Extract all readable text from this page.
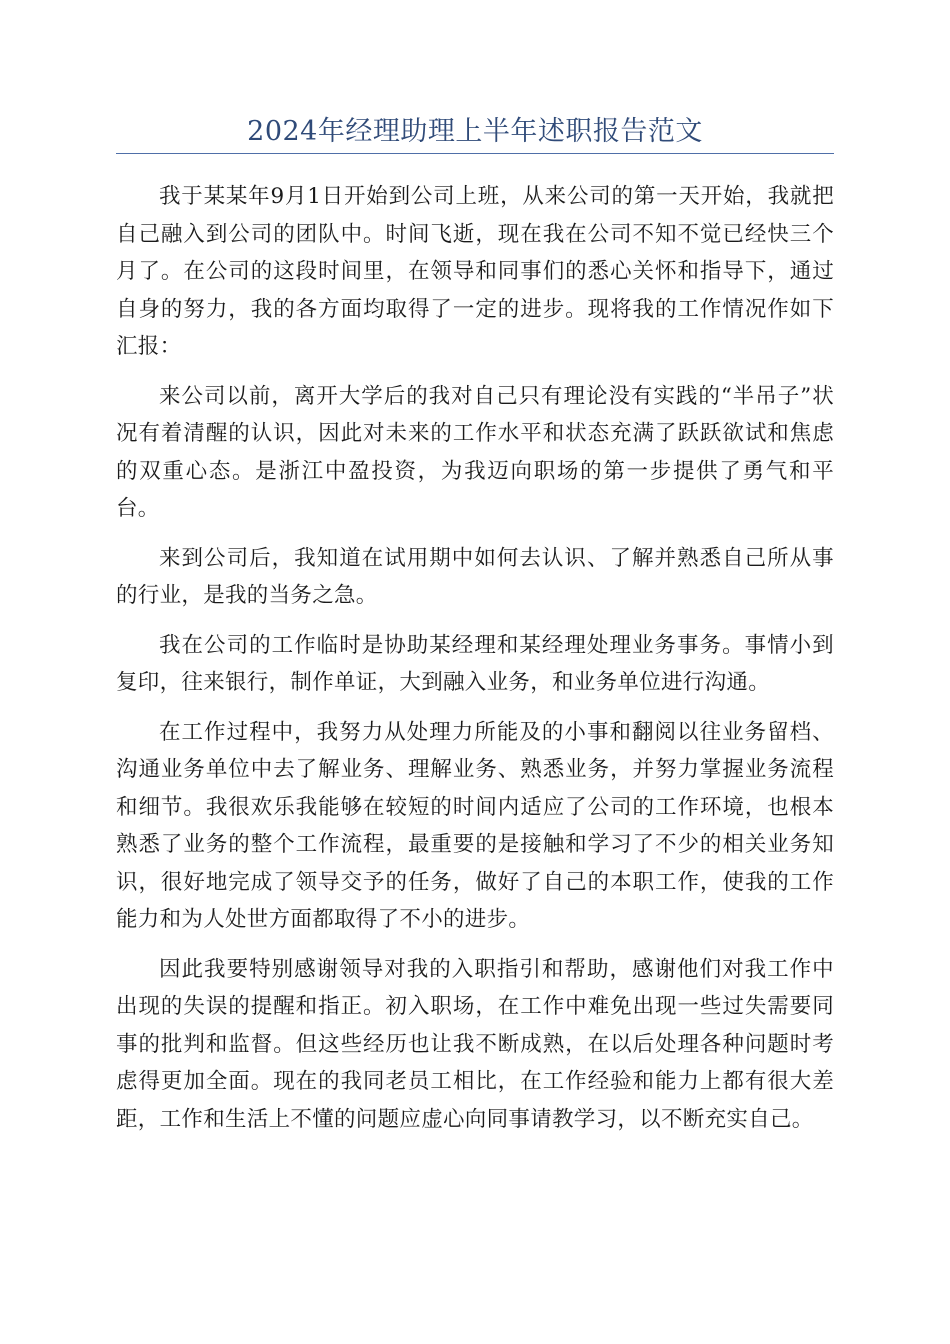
2024年经理助理上半年述职报告范文

我于某某年9月1日开始到公司上班，从来公司的第一天开始，我就把自己融入到公司的团队中。时间飞逝，现在我在公司不知不觉已经快三个月了。在公司的这段时间里，在领导和同事们的悉心关怀和指导下，通过自身的努力，我的各方面均取得了一定的进步。现将我的工作情况作如下汇报：

来公司以前，离开大学后的我对自己只有理论没有实践的“半吊子”状况有着清醒的认识，因此对未来的工作水平和状态充满了跃跃欲试和焦虑的双重心态。是浙江中盈投资，为我迈向职场的第一步提供了勇气和平台。

来到公司后，我知道在试用期中如何去认识、了解并熟悉自己所从事的行业，是我的当务之急。

我在公司的工作临时是协助某经理和某经理处理业务事务。事情小到复印，往来银行，制作单证，大到融入业务，和业务单位进行沟通。

在工作过程中，我努力从处理力所能及的小事和翻阅以往业务留档、沟通业务单位中去了解业务、理解业务、熟悉业务，并努力掌握业务流程和细节。我很欢乐我能够在较短的时间内适应了公司的工作环境，也根本熟悉了业务的整个工作流程，最重要的是接触和学习了不少的相关业务知识，很好地完成了领导交予的任务，做好了自己的本职工作，使我的工作能力和为人处世方面都取得了不小的进步。

因此我要特别感谢领导对我的入职指引和帮助，感谢他们对我工作中出现的失误的提醒和指正。初入职场，在工作中难免出现一些过失需要同事的批判和监督。但这些经历也让我不断成熟，在以后处理各种问题时考虑得更加全面。现在的我同老员工相比，在工作经验和能力上都有很大差距，工作和生活上不懂的问题应虚心向同事请教学习，以不断充实自己。
